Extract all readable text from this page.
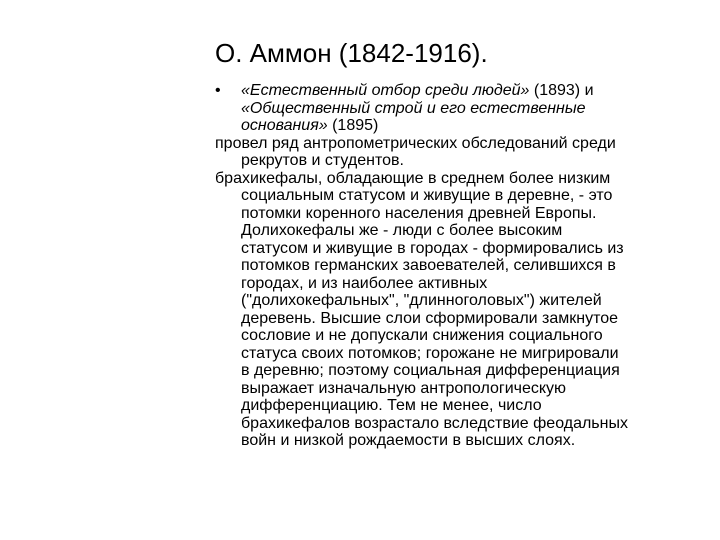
О. Аммон (1842-1916).
• «Естественный отбор среди людей» (1893) и
«Общественный строй и его естественные
основания» (1895)
провел ряд антропометрических обследований среди
рекрутов и студентов.
брахикефалы, обладающие в среднем более низким
социальным статусом и живущие в деревне, - это
потомки коренного населения древней Европы.
Долихокефалы же - люди с более высоким
статусом и живущие в городах - формировались из
потомков германских завоевателей, селившихся в
городах, и из наиболее активных
("долихокефальных", "длинноголовых") жителей
деревень. Высшие слои сформировали замкнутое
сословие и не допускали снижения социального
статуса своих потомков; горожане не мигрировали
в деревню; поэтому социальная дифференциация
выражает изначальную антропологическую
дифференциацию. Тем не менее, число
брахикефалов возрастало вследствие феодальных
войн и низкой рождаемости в высших слоях.
